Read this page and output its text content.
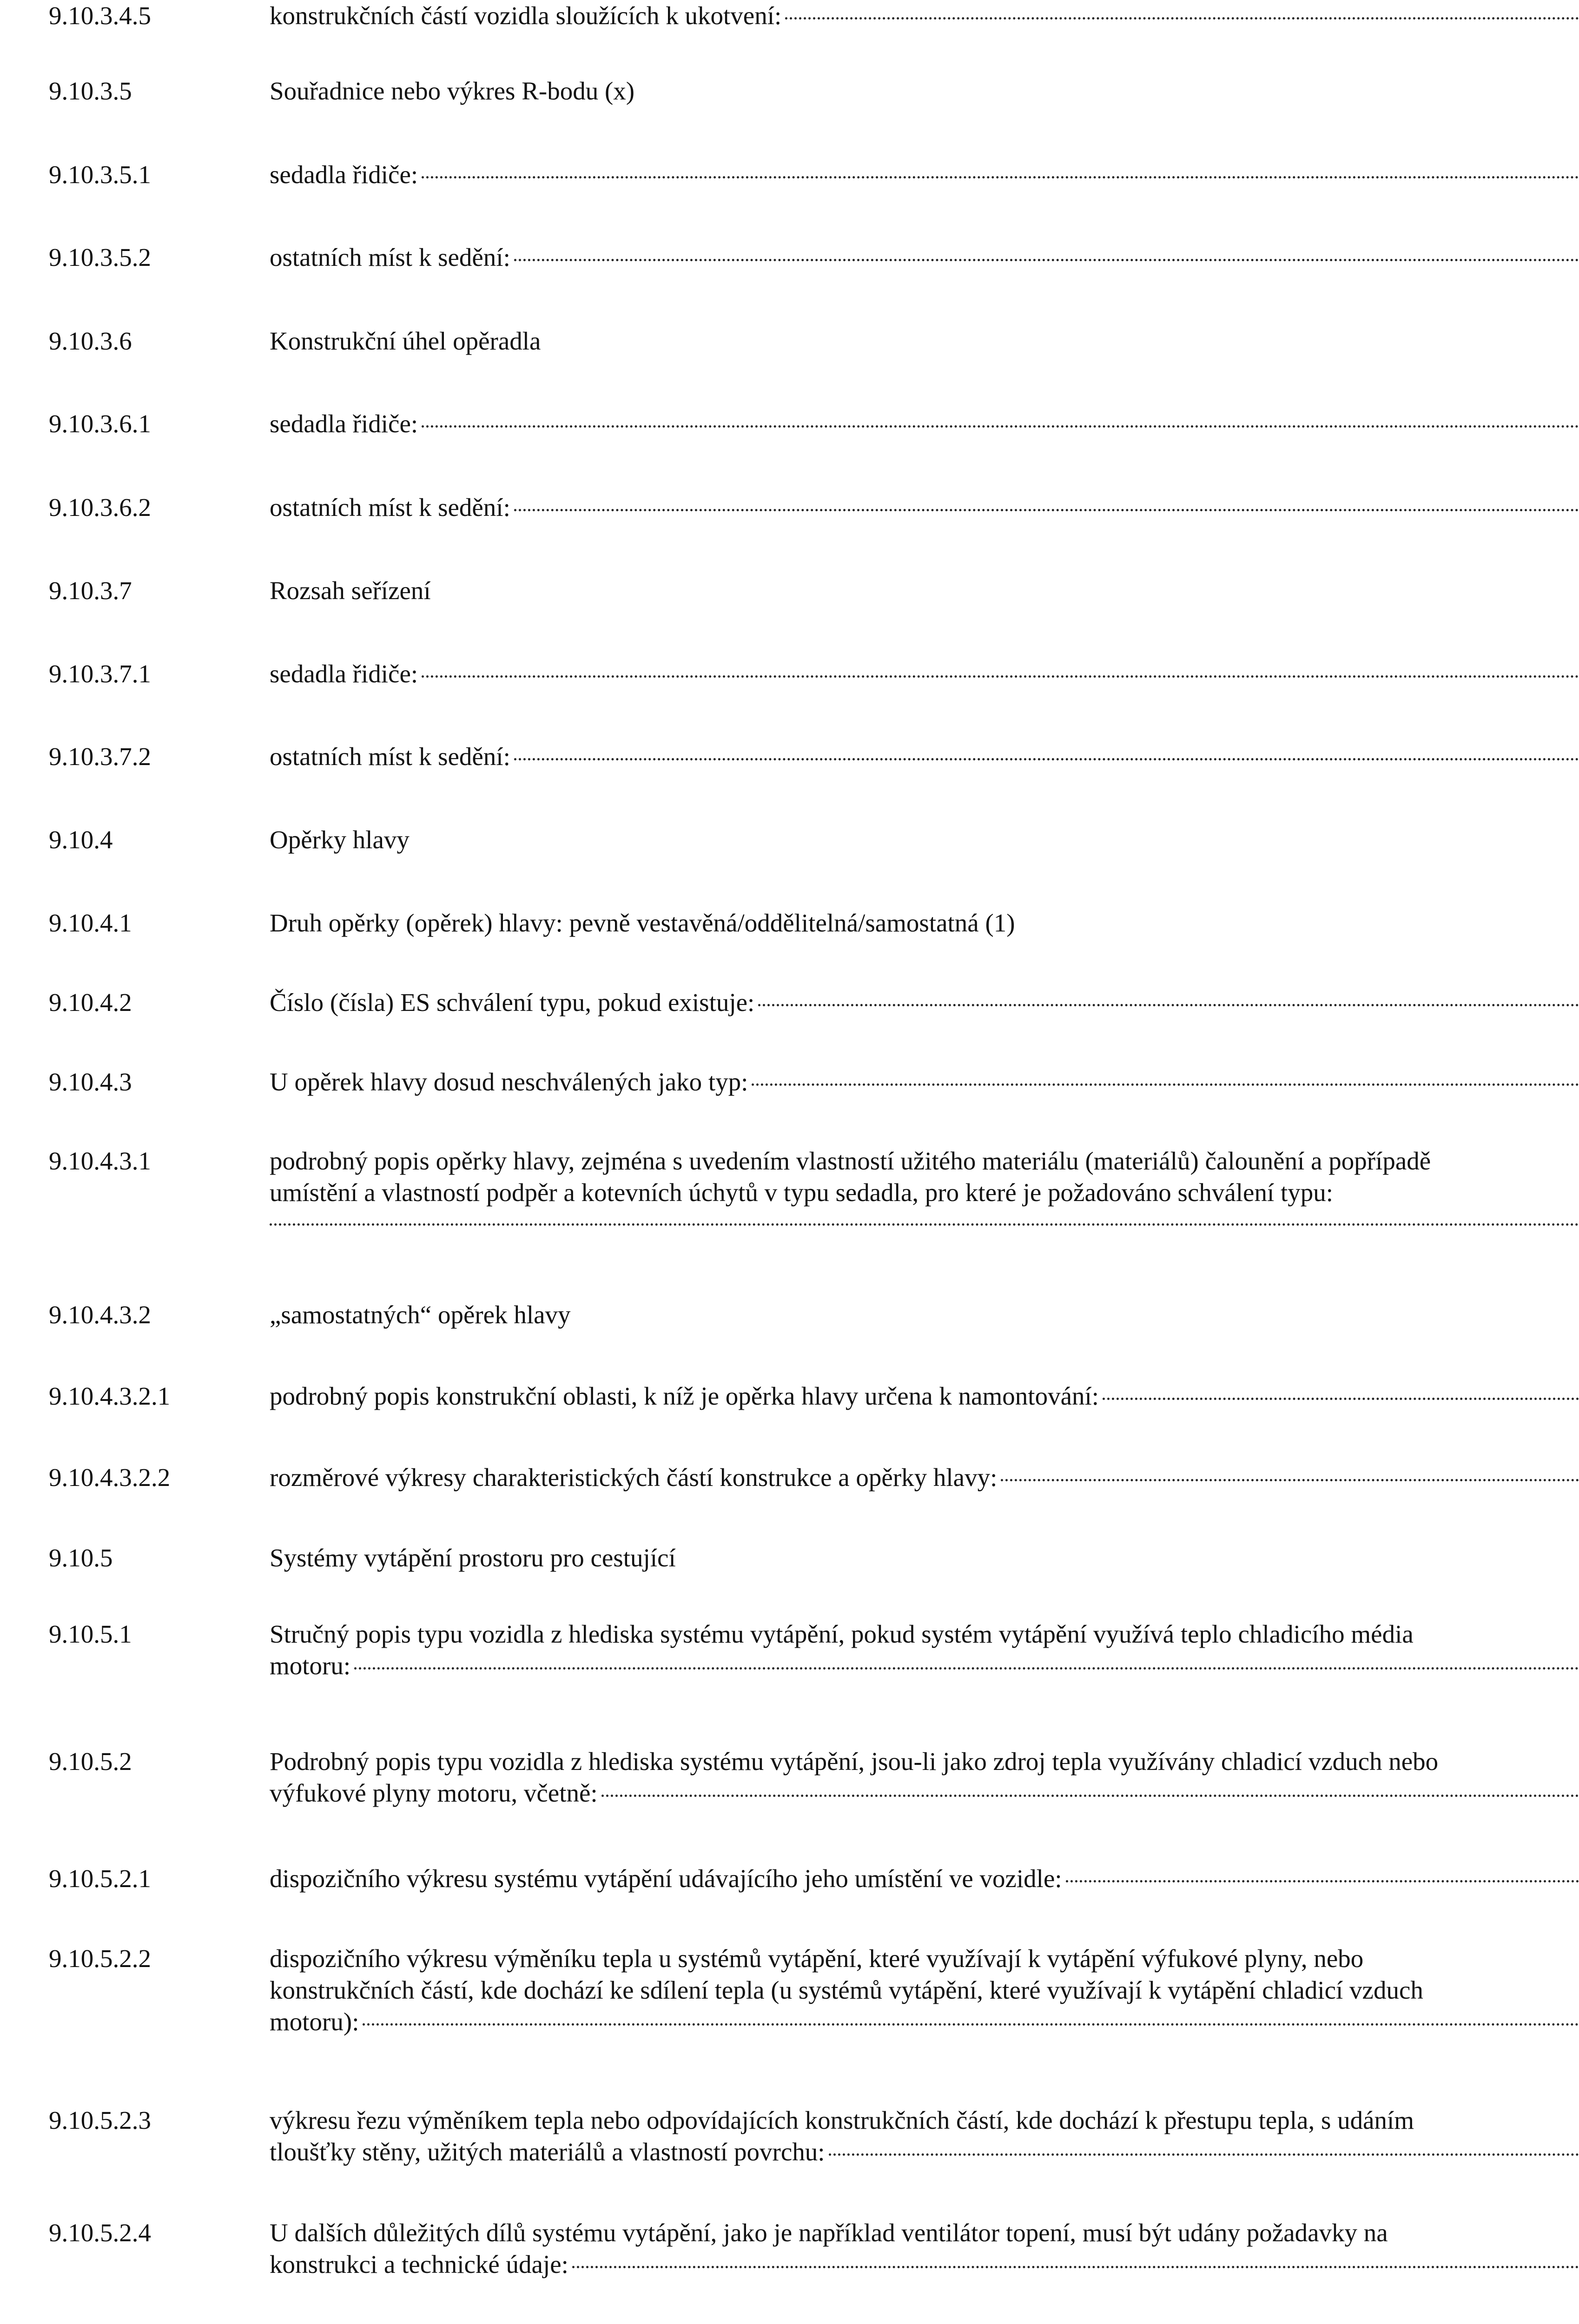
9.10.3.4.5	konstrukčních částí vozidla sloužících k ukotvení:
9.10.3.5	Souřadnice nebo výkres R-bodu (x)
9.10.3.5.1	sedadla řidiče:
9.10.3.5.2	ostatních míst k sedění:
9.10.3.6	Konstrukční úhel opěradla
9.10.3.6.1	sedadla řidiče:
9.10.3.6.2	ostatních míst k sedění:
9.10.3.7	Rozsah seřízení
9.10.3.7.1	sedadla řidiče:
9.10.3.7.2	ostatních míst k sedění:
9.10.4	Opěrky hlavy
9.10.4.1	Druh opěrky (opěrek) hlavy: pevně vestavěná/oddělitelná/samostatná (1)
9.10.4.2	Číslo (čísla) ES schválení typu, pokud existuje:
9.10.4.3	U opěrek hlavy dosud neschválených jako typ:
9.10.4.3.1	podrobný popis opěrky hlavy, zejména s uvedením vlastností užitého materiálu (materiálů) čalounění a popřípadě
umístění a vlastností podpěr a kotevních úchytů v typu sedadla, pro které je požadováno schválení typu:
9.10.4.3.2	„samostatných“ opěrek hlavy
9.10.4.3.2.1	podrobný popis konstrukční oblasti, k níž je opěrka hlavy určena k namontování:
9.10.4.3.2.2	rozměrové výkresy charakteristických částí konstrukce a opěrky hlavy:
9.10.5	Systémy vytápění prostoru pro cestující
9.10.5.1	Stručný popis typu vozidla z hlediska systému vytápění, pokud systém vytápění využívá teplo chladicího média
motoru:
9.10.5.2	Podrobný popis typu vozidla z hlediska systému vytápění, jsou-li jako zdroj tepla využívány chladicí vzduch nebo
výfukové plyny motoru, včetně:
9.10.5.2.1	dispozičního výkresu systému vytápění udávajícího jeho umístění ve vozidle:
9.10.5.2.2	dispozičního výkresu výměníku tepla u systémů vytápění, které využívají k vytápění výfukové plyny, nebo
konstrukčních částí, kde dochází ke sdílení tepla (u systémů vytápění, které využívají k vytápění chladicí vzduch
motoru):
9.10.5.2.3	výkresu řezu výměníkem tepla nebo odpovídajících konstrukčních částí, kde dochází k přestupu tepla, s udáním
tloušťky stěny, užitých materiálů a vlastností povrchu:
9.10.5.2.4	U dalších důležitých dílů systému vytápění, jako je například ventilátor topení, musí být udány požadavky na
konstrukci a technické údaje:
